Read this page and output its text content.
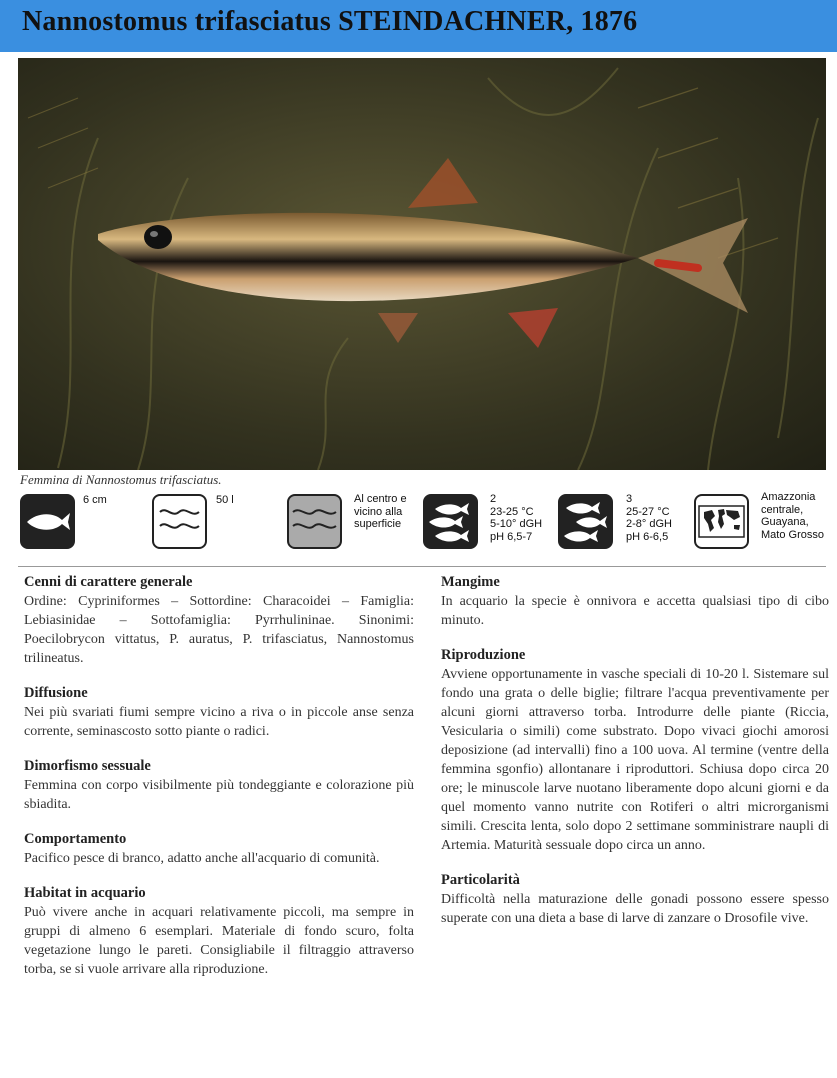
Nannostomus trifasciatus STEINDACHNER, 1876
Femmina di Nannostomus trifasciatus.
6 cm	50 l	Al centro e
vicino alla
superficie
2
23-25 °C
5-10° dGH
pH 6,5-7
3
25-27 °C
2-8° dGH
pH 6-6,5
Amazzonia
centrale,
Guayana,
Mato Grosso
Cenni di carattere generale

Ordine: Cypriniformes – Sottordine: Characoidei – Famiglia: Lebiasinidae – Sottofamiglia: Pyrrhulininae. Sinonimi: Poecilobrycon vittatus, P. auratus, P. trifasciatus, Nannostomus trilineatus.

Diffusione

Nei più svariati fiumi sempre vicino a riva o in piccole anse senza corrente, seminascosto sotto piante o radici.

Dimorfismo sessuale

Femmina con corpo visibilmente più tondeggiante e colorazione più sbiadita.

Comportamento

Pacifico pesce di branco, adatto anche all'acquario di comunità.

Habitat in acquario

Può vivere anche in acquari relativamente piccoli, ma sempre in gruppi di almeno 6 esemplari. Materiale di fondo scuro, folta vegetazione lungo le pareti. Consigliabile il filtraggio attraverso torba, se si vuole arrivare alla riproduzione.

Mangime

In acquario la specie è onnivora e accetta qualsiasi tipo di cibo minuto.

Riproduzione

Avviene opportunamente in vasche speciali di 10-20 l. Sistemare sul fondo una grata o delle biglie; filtrare l'acqua preventivamente per alcuni giorni attraverso torba. Introdurre delle piante (Riccia, Vesicularia o simili) come substrato. Dopo vivaci giochi amorosi deposizione (ad intervalli) fino a 100 uova. Al termine (ventre della femmina sgonfio) allontanare i riproduttori. Schiusa dopo circa 20 ore; le minuscole larve nuotano liberamente dopo alcuni giorni e da quel momento vanno nutrite con Rotiferi o altri microrganismi simili. Crescita lenta, solo dopo 2 settimane somministrare naupli di Artemia. Maturità sessuale dopo circa un anno.

Particolarità

Difficoltà nella maturazione delle gonadi possono essere spesso superate con una dieta a base di larve di zanzare o Drosofile vive.
